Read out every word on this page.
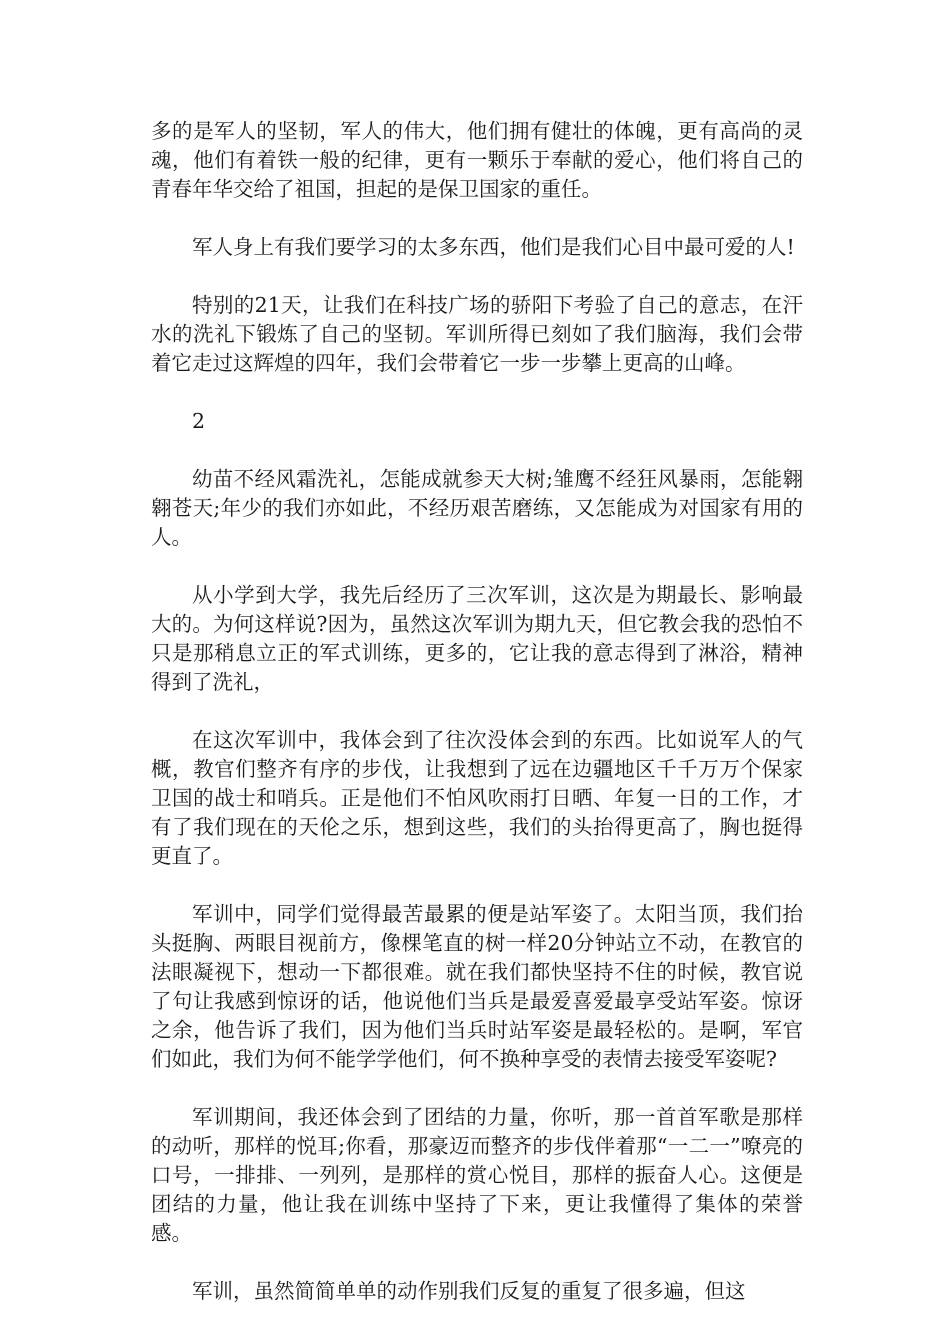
多的是军人的坚韧，军人的伟大，他们拥有健壮的体魄，更有高尚的灵魂，他们有着铁一般的纪律，更有一颗乐于奉献的爱心，他们将自己的青春年华交给了祖国，担起的是保卫国家的重任。

军人身上有我们要学习的太多东西，他们是我们心目中最可爱的人!

特别的21天，让我们在科技广场的骄阳下考验了自己的意志，在汗水的洗礼下锻炼了自己的坚韧。军训所得已刻如了我们脑海，我们会带着它走过这辉煌的四年，我们会带着它一步一步攀上更高的山峰。

2

幼苗不经风霜洗礼，怎能成就参天大树;雏鹰不经狂风暴雨，怎能翱翱苍天;年少的我们亦如此，不经历艰苦磨练，又怎能成为对国家有用的人。

从小学到大学，我先后经历了三次军训，这次是为期最长、影响最大的。为何这样说?因为，虽然这次军训为期九天，但它教会我的恐怕不只是那稍息立正的军式训练，更多的，它让我的意志得到了淋浴，精神得到了洗礼，

在这次军训中，我体会到了往次没体会到的东西。比如说军人的气概，教官们整齐有序的步伐，让我想到了远在边疆地区千千万万个保家卫国的战士和哨兵。正是他们不怕风吹雨打日晒、年复一日的工作，才有了我们现在的天伦之乐，想到这些，我们的头抬得更高了，胸也挺得更直了。

军训中，同学们觉得最苦最累的便是站军姿了。太阳当顶，我们抬头挺胸、两眼目视前方，像棵笔直的树一样20分钟站立不动，在教官的法眼凝视下，想动一下都很难。就在我们都快坚持不住的时候，教官说了句让我感到惊讶的话，他说他们当兵是最爱喜爱最享受站军姿。惊讶之余，他告诉了我们，因为他们当兵时站军姿是最轻松的。是啊，军官们如此，我们为何不能学学他们，何不换种享受的表情去接受军姿呢?

军训期间，我还体会到了团结的力量，你听，那一首首军歌是那样的动听，那样的悦耳;你看，那豪迈而整齐的步伐伴着那“一二一”嘹亮的口号，一排排、一列列，是那样的赏心悦目，那样的振奋人心。这便是团结的力量，他让我在训练中坚持了下来，更让我懂得了集体的荣誉感。

军训，虽然简简单单的动作别我们反复的重复了很多遍，但这
